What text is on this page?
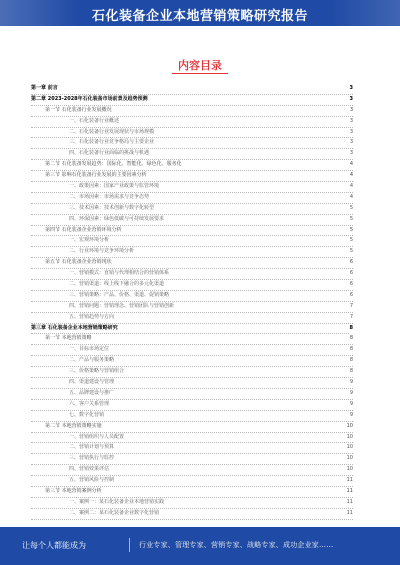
石化装备企业本地营销策略研究报告
内容目录
第一章 前言	3
第二章 2023-2028年石化装备市场前景及趋势预测	3
第一节 石化装备行业发展概况	3
一、石化装备行业概述	3
二、石化装备行业发展现状与市场规模	3
三、石化装备行业竞争格局与主要企业	3
四、石化装备行业面临的挑战与机遇	3
第二节 石化装备发展趋势：国际化、智能化、绿色化、服务化	4
第三节 影响石化装备行业发展的主要因素分析	4
一、政策因素：国家产业政策与监管环境	4
二、市场因素：市场需求与竞争态势	4
三、技术因素：技术创新与数字化转型	5
四、环保因素：绿色低碳与可持续发展要求	5
第四节 石化装备企业营销环境分析	5
一、宏观环境分析	5
二、行业环境与竞争环境分析	5
第五节 石化装备企业营销现状	6
一、营销模式：直销与代理相结合的营销体系	6
二、营销渠道：线上线下融合的多元化渠道	6
三、营销策略：产品、价格、渠道、促销策略	6
四、营销问题：营销理念、营销团队与营销创新	7
五、营销趋势与方向	7
第三章 石化装备企业本地营销策略研究	8
第一节 本地营销策略	8
一、目标市场定位	8
二、产品与服务策略	8
三、价格策略与营销组合	8
四、渠道建设与管理	9
五、品牌建设与推广	9
六、客户关系管理	9
七、数字化营销	9
第二节 本地营销策略实施	10
一、营销组织与人员配置	10
二、营销计划与预算	10
三、营销执行与监控	10
四、营销效果评估	10
五、营销风险与控制	11
第三节 本地营销案例分析	11
一、案例一：某石化装备企业本地营销实践	11
二、案例二：某石化装备企业数字化营销	11
让每个人都能成为	行业专家、管理专家、营销专家、战略专家、成功企业家……
